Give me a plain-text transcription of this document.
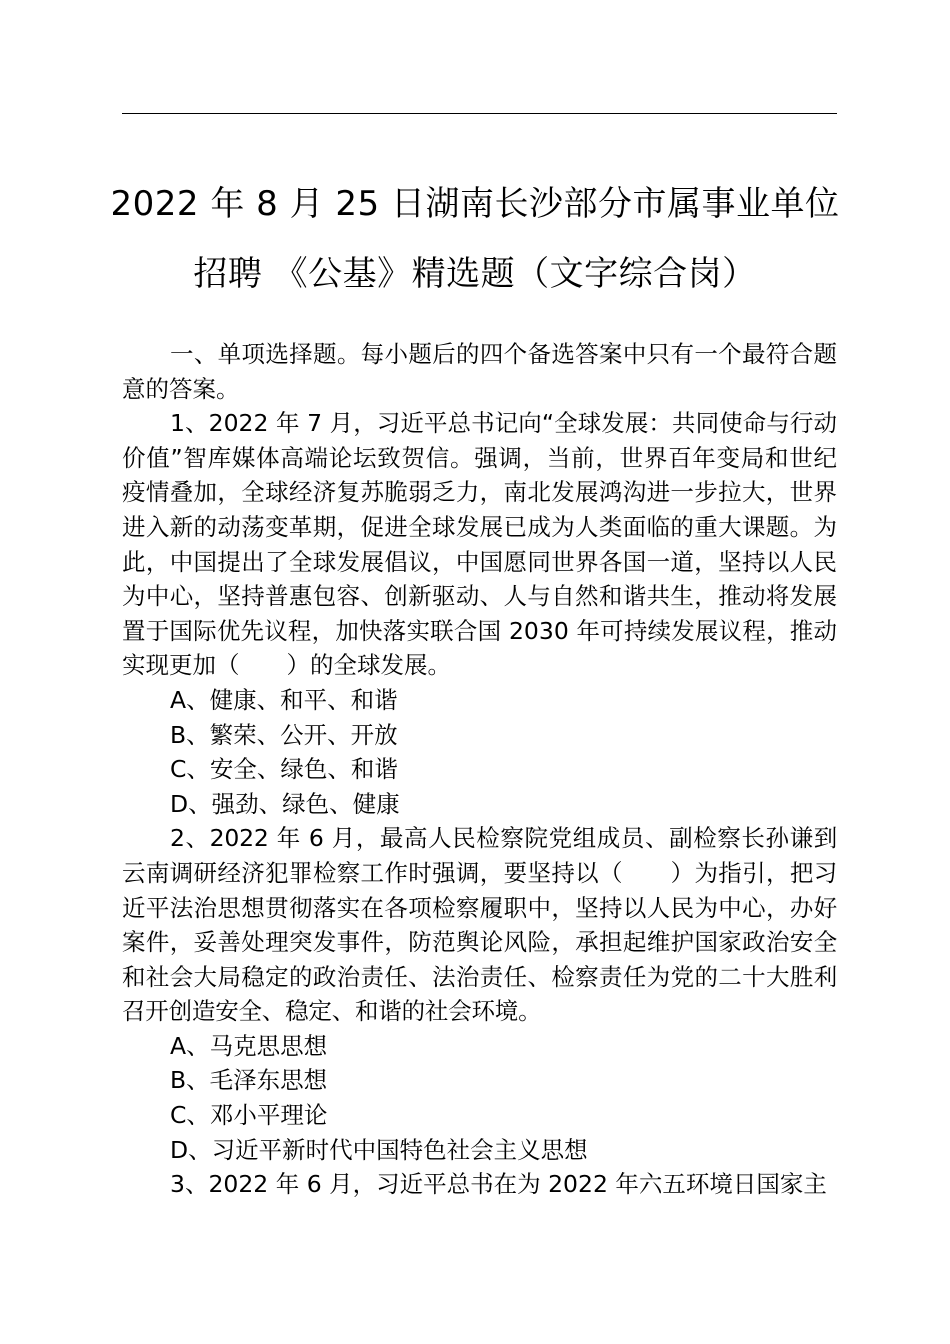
2022 年 8 月 25 日湖南长沙部分市属事业单位
招聘 《公基》精选题（文字综合岗）

一、单项选择题。每小题后的四个备选答案中只有一个最符合题意的答案。

1、2022 年 7 月，习近平总书记向“全球发展：共同使命与行动价值”智库媒体高端论坛致贺信。强调，当前，世界百年变局和世纪疫情叠加，全球经济复苏脆弱乏力，南北发展鸿沟进一步拉大，世界进入新的动荡变革期，促进全球发展已成为人类面临的重大课题。为此，中国提出了全球发展倡议，中国愿同世界各国一道，坚持以人民为中心，坚持普惠包容、创新驱动、人与自然和谐共生，推动将发展置于国际优先议程，加快落实联合国 2030 年可持续发展议程，推动实现更加（　　）的全球发展。

A、健康、和平、和谐

B、繁荣、公开、开放

C、安全、绿色、和谐

D、强劲、绿色、健康

2、2022 年 6 月，最高人民检察院党组成员、副检察长孙谦到云南调研经济犯罪检察工作时强调，要坚持以（　　）为指引，把习近平法治思想贯彻落实在各项检察履职中，坚持以人民为中心，办好案件，妥善处理突发事件，防范舆论风险，承担起维护国家政治安全和社会大局稳定的政治责任、法治责任、检察责任为党的二十大胜利召开创造安全、稳定、和谐的社会环境。

A、马克思思想

B、毛泽东思想

C、邓小平理论

D、习近平新时代中国特色社会主义思想

3、2022 年 6 月，习近平总书在为 2022 年六五环境日国家主
